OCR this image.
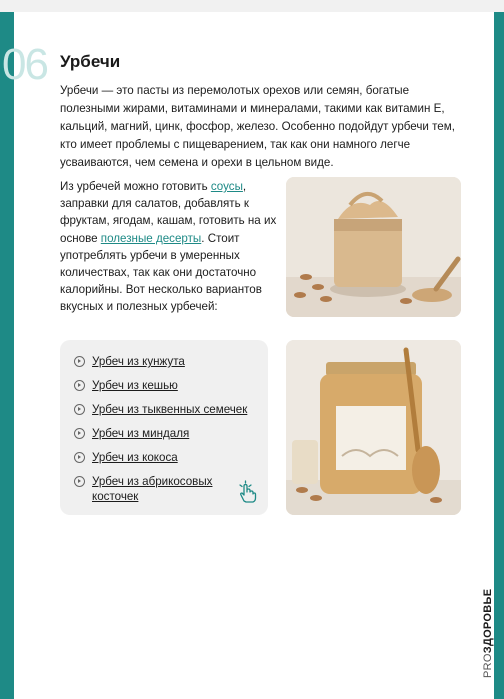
06 Урбечи
Урбечи — это пасты из перемолотых орехов или семян, богатые полезными жирами, витаминами и минералами, такими как витамин Е, кальций, магний, цинк, фосфор, железо. Особенно подойдут урбечи тем, кто имеет проблемы с пищеварением, так как они намного легче усваиваются, чем семена и орехи в цельном виде.
Из урбечей можно готовить соусы, заправки для салатов, добавлять к фруктам, ягодам, кашам, готовить на их основе полезные десерты. Стоит употреблять урбечи в умеренных количествах, так как они достаточно калорийны. Вот несколько вариантов вкусных и полезных урбечей:
Урбеч из кунжута
Урбеч из кешью
Урбеч из тыквенных семечек
Урбеч из миндаля
Урбеч из кокоса
Урбеч из абрикосовых косточек
PROЗДОРОВЬЕ
